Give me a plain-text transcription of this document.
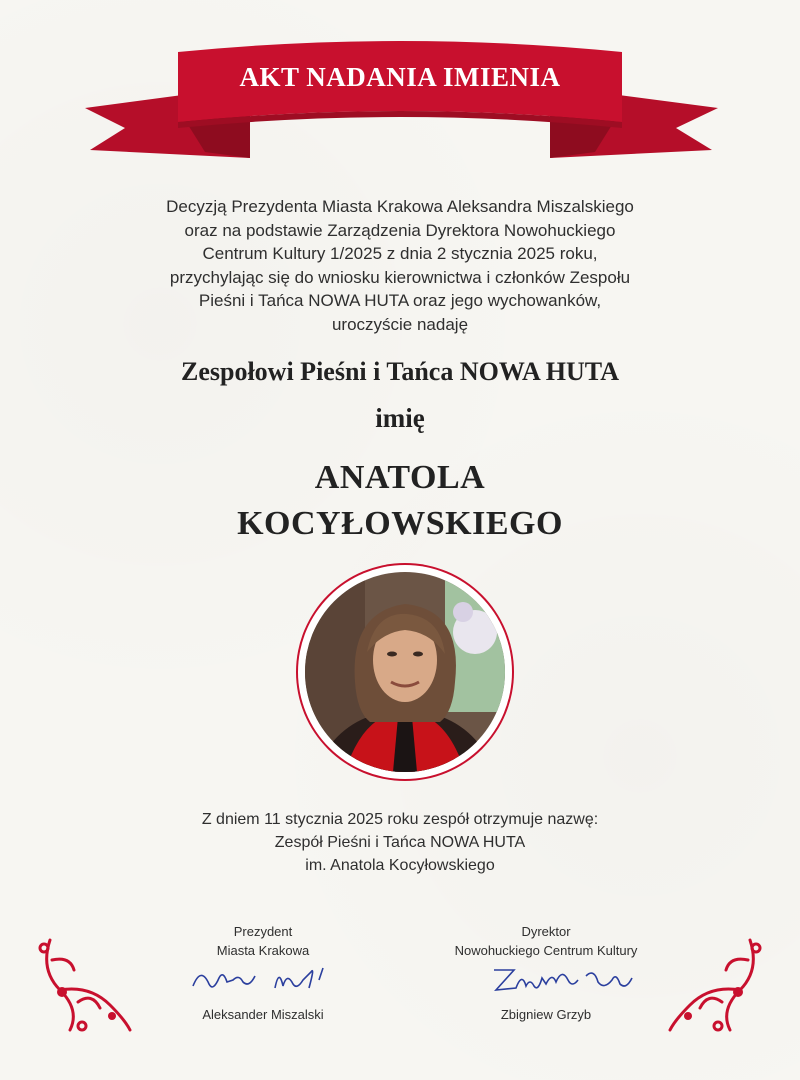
AKT NADANIA IMIENIA
Decyzją Prezydenta Miasta Krakowa Aleksandra Miszalskiego
oraz na podstawie Zarządzenia Dyrektora Nowohuckiego
Centrum Kultury 1/2025 z dnia 2 stycznia 2025 roku,
przychylając się do wniosku kierownictwa i członków Zespołu
Pieśni i Tańca NOWA HUTA oraz jego wychowanków,
uroczyście nadaję
Zespołowi Pieśni i Tańca NOWA HUTA
imię
ANATOLA
KOCYŁOWSKIEGO
Z dniem 11 stycznia 2025 roku zespół otrzymuje nazwę:
Zespół Pieśni i Tańca NOWA HUTA
im. Anatola Kocyłowskiego
Prezydent
Miasta Krakowa
Aleksander Miszalski
Dyrektor
Nowohuckiego Centrum Kultury
Zbigniew Grzyb
